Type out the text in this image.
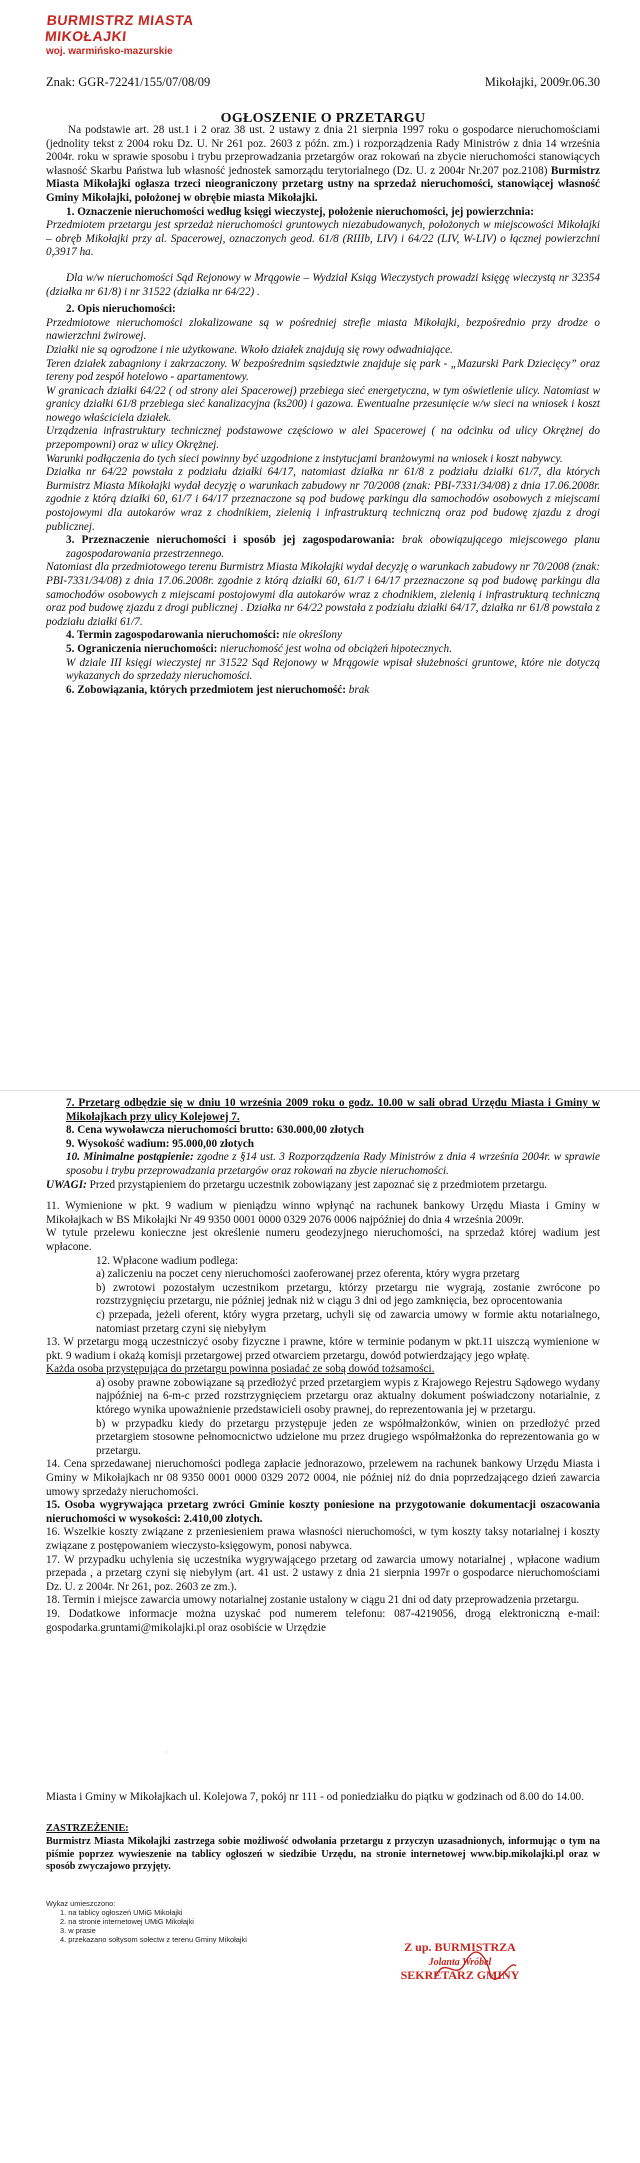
BURMISTRZ MIASTA MIKOŁAJKI
woj. warmińsko-mazurskie
Znak: GGR-72241/155/07/08/09	Mikołajki, 2009r.06.30
OGŁOSZENIE O PRZETARGU

Na podstawie art. 28 ust.1 i 2 oraz 38 ust. 2 ustawy z dnia 21 sierpnia 1997 roku o gospodarce nieruchomościami (jednolity tekst z 2004 roku Dz. U. Nr 261 poz. 2603 z późn. zm.) i rozporządzenia Rady Ministrów z dnia 14 września 2004r. roku w sprawie sposobu i trybu przeprowadzania przetargów oraz rokowań na zbycie nieruchomości stanowiących własność Skarbu Państwa lub własność jednostek samorządu terytorialnego (Dz. U. z 2004r Nr.207 poz.2108) Burmistrz Miasta Mikołajki ogłasza trzeci nieograniczony przetarg ustny na sprzedaż nieruchomości, stanowiącej własność Gminy Mikołajki, położonej w obrębie miasta Mikołajki.

1. Oznaczenie nieruchomości według księgi wieczystej, położenie nieruchomości, jej powierzchnia:

Przedmiotem przetargu jest sprzedaż nieruchomości gruntowych niezabudowanych, położonych w miejscowości Mikołajki – obręb Mikołajki przy al. Spacerowej, oznaczonych geod. 61/8 (RIIIb, LIV) i 64/22 (LIV, W-LIV) o łącznej powierzchni 0,3917 ha.

Dla w/w nieruchomości Sąd Rejonowy w Mrągowie – Wydział Ksiąg Wieczystych prowadzi księgę wieczystą nr 32354 (działka nr 61/8) i nr 31522 (działka nr 64/22) .

2. Opis nieruchomości:

Przedmiotowe nieruchomości zlokalizowane są w pośredniej strefie miasta Mikołajki, bezpośrednio przy drodze o nawierzchni żwirowej.

Działki nie są ogrodzone i nie użytkowane. Wkoło działek znajdują się rowy odwadniające.

Teren działek zabagniony i zakrzaczony. W bezpośrednim sąsiedztwie znajduje się park - „Mazurski Park Dziecięcy” oraz tereny pod zespół hotelowo - apartamentowy.

W granicach działki 64/22 ( od strony alei Spacerowej) przebiega sieć energetyczna, w tym oświetlenie ulicy. Natomiast w granicy działki 61/8 przebiega sieć kanalizacyjna (ks200) i gazowa. Ewentualne przesunięcie w/w sieci na wniosek i koszt nowego właściciela działek.

Urządzenia infrastruktury technicznej podstawowe częściowo w alei Spacerowej ( na odcinku od ulicy Okrężnej do przepompowni) oraz w ulicy Okrężnej.

Warunki podłączenia do tych sieci powinny być uzgodnione z instytucjami branżowymi na wniosek i koszt nabywcy.

Działka nr 64/22 powstała z podziału działki 64/17, natomiast działka nr 61/8 z podziału działki 61/7, dla których Burmistrz Miasta Mikołajki wydał decyzję o warunkach zabudowy nr 70/2008 (znak: PBI-7331/34/08) z dnia 17.06.2008r. zgodnie z którą działki 60, 61/7 i 64/17 przeznaczone są pod budowę parkingu dla samochodów osobowych z miejscami postojowymi dla autokarów wraz z chodnikiem, zielenią i infrastrukturą techniczną oraz pod budowę zjazdu z drogi publicznej.

3. Przeznaczenie nieruchomości i sposób jej zagospodarowania: brak obowiązującego miejscowego planu zagospodarowania przestrzennego.

Natomiast dla przedmiotowego terenu Burmistrz Miasta Mikołajki wydał decyzję o warunkach zabudowy nr 70/2008 (znak: PBI-7331/34/08) z dnia 17.06.2008r. zgodnie z którą działki 60, 61/7 i 64/17 przeznaczone są pod budowę parkingu dla samochodów osobowych z miejscami postojowymi dla autokarów wraz z chodnikiem, zielenią i infrastrukturą techniczną oraz pod budowę zjazdu z drogi publicznej . Działka nr 64/22 powstała z podziału działki 64/17, działka nr 61/8 powstała z podziału działki 61/7.

4. Termin zagospodarowania nieruchomości: nie określony

5. Ograniczenia nieruchomości: nieruchomość jest wolna od obciążeń hipotecznych.

W dziale III księgi wieczystej nr 31522 Sąd Rejonowy w Mrągowie wpisał służebności gruntowe, które nie dotyczą wykazanych do sprzedaży nieruchomości.

6. Zobowiązania, których przedmiotem jest nieruchomość: brak

7. Przetarg odbędzie się w dniu 10 września 2009 roku o godz. 10.00 w sali obrad Urzędu Miasta i Gminy w Mikołajkach przy ulicy Kolejowej 7.

8. Cena wywoławcza nieruchomości brutto: 630.000,00 złotych

9. Wysokość wadium: 95.000,00 złotych

10. Minimalne postąpienie: zgodne z §14 ust. 3 Rozporządzenia Rady Ministrów z dnia 4 września 2004r. w sprawie sposobu i trybu przeprowadzania przetargów oraz rokowań na zbycie nieruchomości.

UWAGI: Przed przystąpieniem do przetargu uczestnik zobowiązany jest zapoznać się z przedmiotem przetargu.

11. Wymienione w pkt. 9 wadium w pieniądzu winno wpłynąć na rachunek bankowy Urzędu Miasta i Gminy w Mikołajkach w BS Mikołajki Nr 49 9350 0001 0000 0329 2076 0006 najpóźniej do dnia 4 września 2009r.

W tytule przelewu konieczne jest określenie numeru geodezyjnego nieruchomości, na sprzedaż której wadium jest wpłacone.

12. Wpłacone wadium podlega:

a) zaliczeniu na poczet ceny nieruchomości zaoferowanej przez oferenta, który wygra przetarg

b) zwrotowi pozostałym uczestnikom przetargu, którzy przetargu nie wygrają, zostanie zwrócone po rozstrzygnięciu przetargu, nie później jednak niż w ciągu 3 dni od jego zamknięcia, bez oprocentowania

c) przepada, jeżeli oferent, który wygra przetarg, uchyli się od zawarcia umowy w formie aktu notarialnego, natomiast przetarg czyni się niebyłym

13. W przetargu mogą uczestniczyć osoby fizyczne i prawne, które w terminie podanym w pkt.11 uiszczą wymienione w pkt. 9 wadium i okażą komisji przetargowej przed otwarciem przetargu, dowód potwierdzający jego wpłatę.

Każda osoba przystępująca do przetargu powinna posiadać ze sobą dowód tożsamości.

a) osoby prawne zobowiązane są przedłożyć przed przetargiem wypis z Krajowego Rejestru Sądowego wydany najpóźniej na 6-m-c przed rozstrzygnięciem przetargu oraz aktualny dokument poświadczony notarialnie, z którego wynika upoważnienie przedstawicieli osoby prawnej, do reprezentowania jej w przetargu.

b) w przypadku kiedy do przetargu przystępuje jeden ze współmałżonków, winien on przedłożyć przed przetargiem stosowne pełnomocnictwo udzielone mu przez drugiego współmałżonka do reprezentowania go w przetargu.

14. Cena sprzedawanej nieruchomości podlega zapłacie jednorazowo, przelewem na rachunek bankowy Urzędu Miasta i Gminy w Mikołajkach nr 08 9350 0001 0000 0329 2072 0004, nie później niż do dnia poprzedzającego dzień zawarcia umowy sprzedaży nieruchomości.

15. Osoba wygrywająca przetarg zwróci Gminie koszty poniesione na przygotowanie dokumentacji oszacowania nieruchomości w wysokości: 2.410,00 złotych.

16. Wszelkie koszty związane z przeniesieniem prawa własności nieruchomości, w tym koszty taksy notarialnej i koszty związane z postępowaniem wieczysto-księgowym, ponosi nabywca.

17. W przypadku uchylenia się uczestnika wygrywającego przetarg od zawarcia umowy notarialnej , wpłacone wadium przepada , a przetarg czyni się niebyłym (art. 41 ust. 2 ustawy z dnia 21 sierpnia 1997r o gospodarce nieruchomościami Dz. U. z 2004r. Nr 261, poz. 2603 ze zm.).

18. Termin i miejsce zawarcia umowy notarialnej zostanie ustalony w ciągu 21 dni od daty przeprowadzenia przetargu.

19. Dodatkowe informacje można uzyskać pod numerem telefonu: 087-4219056, drogą elektroniczną e-mail: gospodarka.gruntami@mikolajki.pl oraz osobiście w Urzędzie

·
Miasta i Gminy w Mikołajkach ul. Kolejowa 7, pokój nr 111 - od poniedziałku do piątku w godzinach od 8.00 do 14.00.
ZASTRZEŻENIE:
Burmistrz Miasta Mikołajki zastrzega sobie możliwość odwołania przetargu z przyczyn uzasadnionych, informując o tym na piśmie poprzez wywieszenie na tablicy ogłoszeń w siedzibie Urzędu, na stronie internetowej www.bip.mikolajki.pl oraz w sposób zwyczajowo przyjęty.
Wykaz umieszczono:
1. na tablicy ogłoszeń UMiG Mikołajki
2. na stronie internetowej UMiG Mikołajki
3. w prasie
4. przekazano sołtysom sołectw z terenu Gminy Mikołajki
Z up. BURMISTRZA
Jolanta Wróbel
SEKRETARZ GMINY
